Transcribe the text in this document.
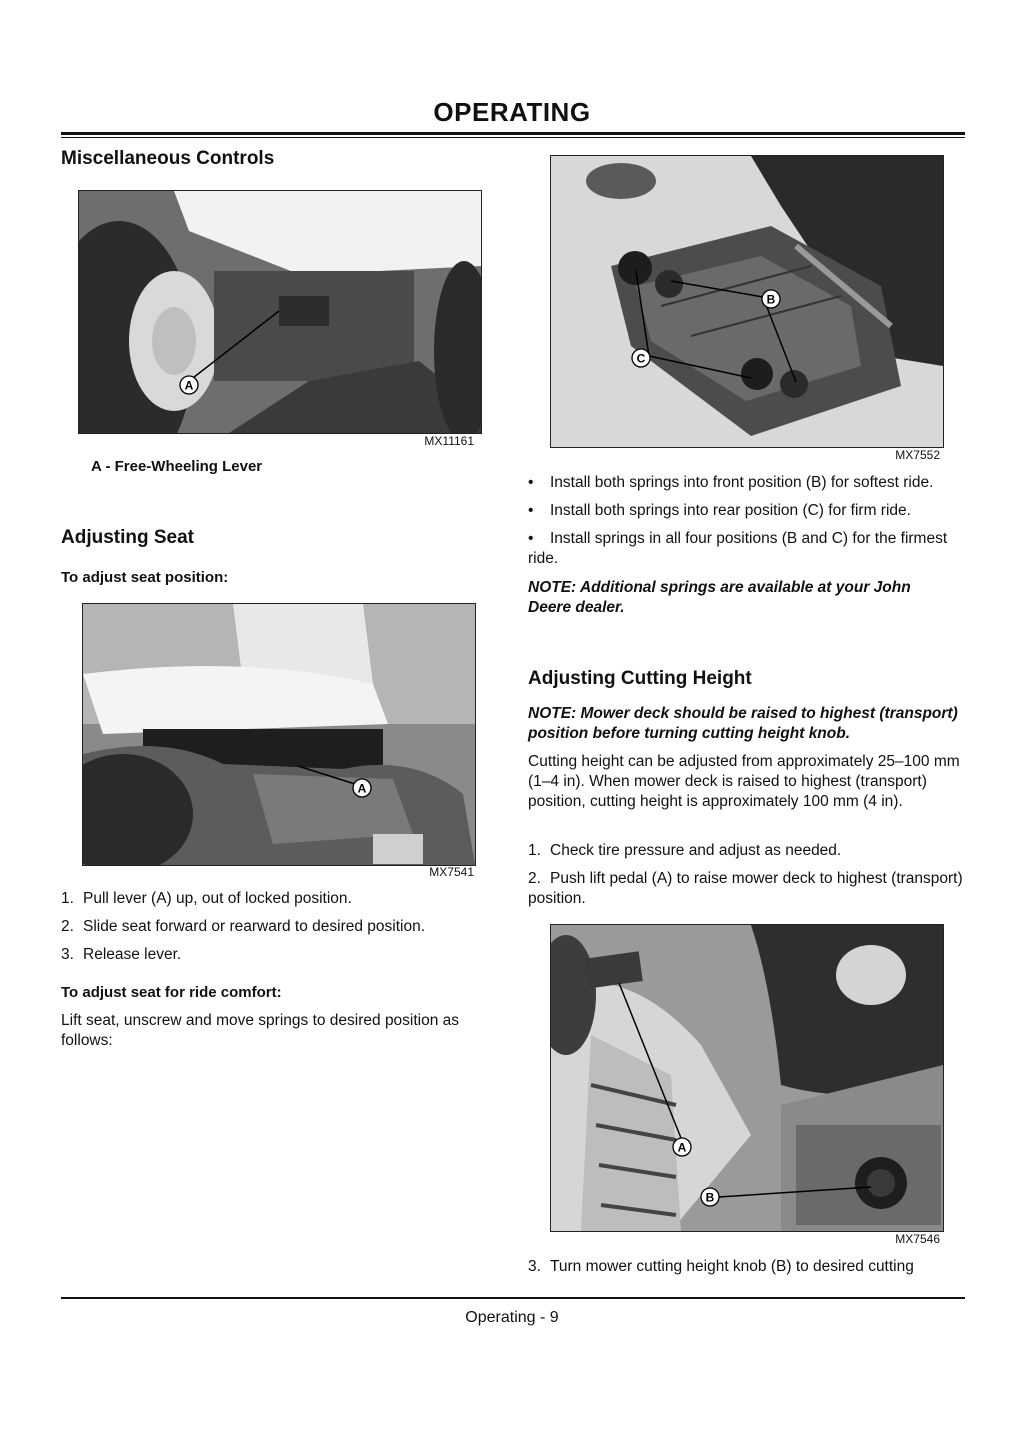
OPERATING
Miscellaneous Controls
A
MX11161
A - Free-Wheeling Lever
Adjusting Seat
To adjust seat position:
A
MX7541
1. Pull lever (A) up, out of locked position.
2. Slide seat forward or rearward to desired position.
3. Release lever.
To adjust seat for ride comfort:
Lift seat, unscrew and move springs to desired position as follows:
B
C
MX7552
•	Install both springs into front position (B) for softest ride.
•	Install both springs into rear position (C) for firm ride.
• Install springs in all four positions (B and C) for the firmest ride.
NOTE: Additional springs are available at your John Deere dealer.
Adjusting Cutting Height
NOTE: Mower deck should be raised to highest (transport) position before turning cutting height knob.
Cutting height can be adjusted from approximately 25–100 mm (1–4 in). When mower deck is raised to highest (transport) position, cutting height is approximately 100 mm (4 in).
1. Check tire pressure and adjust as needed.
2. Push lift pedal (A) to raise mower deck to highest (transport) position.
A
B
MX7546
3. Turn mower cutting height knob (B) to desired cutting
Operating - 9
